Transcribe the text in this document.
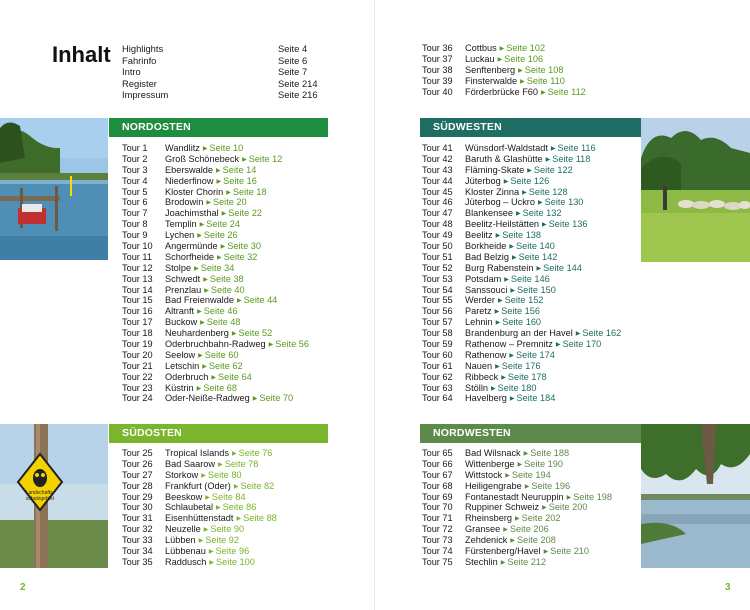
Inhalt Highlights	Seite 4
Fahrinfo	Seite 6
Intro	Seite 7
Register	Seite 214
Impressum	Seite 216
NORDOSTEN
Tour 1 Wandlitz ▶ Seite 10
Tour 2 Groß Schönebeck ▶ Seite 12
Tour 3 Eberswalde ▶ Seite 14
Tour 4 Niederfinow ▶ Seite 16
Tour 5 Kloster Chorin ▶ Seite 18
Tour 6 Brodowin ▶ Seite 20
Tour 7 Joachimsthal ▶ Seite 22
Tour 8 Templin ▶ Seite 24
Tour 9 Lychen ▶ Seite 26
Tour 10 Angermünde ▶ Seite 30
Tour 11 Schorfheide ▶ Seite 32
Tour 12 Stolpe ▶ Seite 34
Tour 13 Schwedt ▶ Seite 38
Tour 14 Prenzlau ▶ Seite 40
Tour 15 Bad Freienwalde ▶ Seite 44
Tour 16 Altranft ▶ Seite 46
Tour 17 Buckow ▶ Seite 48
Tour 18 Neuhardenberg ▶ Seite 52
Tour 19 Oderbruchbahn-Radweg ▶ Seite 56
Tour 20 Seelow ▶ Seite 60
Tour 21 Letschin ▶ Seite 62
Tour 22 Oderbruch ▶ Seite 64
Tour 23 Küstrin ▶ Seite 68
Tour 24 Oder-Neiße-Radweg ▶ Seite 70
Landschafts-
schutzgebiet
SÜDOSTEN
Tour 25 Tropical Islands ▶ Seite 76
Tour 26 Bad Saarow ▶ Seite 78
Tour 27 Storkow ▶ Seite 80
Tour 28 Frankfurt (Oder) ▶ Seite 82
Tour 29 Beeskow ▶ Seite 84
Tour 30 Schlaubetal ▶ Seite 86
Tour 31 Eisenhüttenstadt ▶ Seite 88
Tour 32 Neuzelle ▶ Seite 90
Tour 33 Lübben ▶ Seite 92
Tour 34 Lübbenau ▶ Seite 96
Tour 35 Raddusch ▶ Seite 100
2
Tour 36 Cottbus ▶ Seite 102
Tour 37 Luckau ▶ Seite 106
Tour 38 Senftenberg ▶ Seite 108
Tour 39 Finsterwalde ▶ Seite 110
Tour 40 Förderbrücke F60 ▶ Seite 112
SÜDWESTEN
Tour 41 Wünsdorf-Waldstadt ▶ Seite 116
Tour 42 Baruth & Glashütte ▶ Seite 118
Tour 43 Fläming-Skate ▶ Seite 122
Tour 44 Jüterbog ▶ Seite 126
Tour 45 Kloster Zinna ▶ Seite 128
Tour 46 Jüterbog – Uckro ▶ Seite 130
Tour 47 Blankensee ▶ Seite 132
Tour 48 Beelitz-Heilstätten ▶ Seite 136
Tour 49 Beelitz ▶ Seite 138
Tour 50 Borkheide ▶ Seite 140
Tour 51 Bad Belzig ▶ Seite 142
Tour 52 Burg Rabenstein ▶ Seite 144
Tour 53 Potsdam ▶ Seite 146
Tour 54 Sanssouci ▶ Seite 150
Tour 55 Werder ▶ Seite 152
Tour 56 Paretz ▶ Seite 156
Tour 57 Lehnin ▶ Seite 160
Tour 58 Brandenburg an der Havel ▶ Seite 162
Tour 59 Rathenow – Premnitz ▶ Seite 170
Tour 60 Rathenow ▶ Seite 174
Tour 61 Nauen ▶ Seite 176
Tour 62 Ribbeck ▶ Seite 178
Tour 63 Stölln ▶ Seite 180
Tour 64 Havelberg ▶ Seite 184
NORDWESTEN
Tour 65 Bad Wilsnack ▶ Seite 188
Tour 66 Wittenberge ▶ Seite 190
Tour 67 Wittstock ▶ Seite 194
Tour 68 Heiligengrabe ▶ Seite 196
Tour 69 Fontanestadt Neuruppin ▶ Seite 198
Tour 70 Ruppiner Schweiz ▶ Seite 200
Tour 71 Rheinsberg ▶ Seite 202
Tour 72 Gransee ▶ Seite 206
Tour 73 Zehdenick ▶ Seite 208
Tour 74 Fürstenberg/Havel ▶ Seite 210
Tour 75 Stechlin ▶ Seite 212
3
